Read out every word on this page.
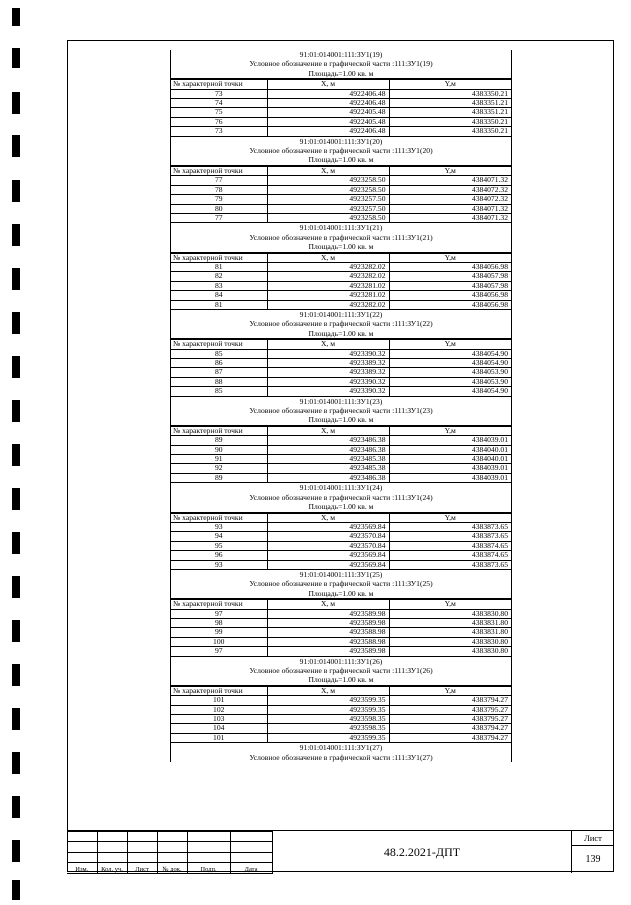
91:01:014001:111:ЗУ1(19)
Условное обозначение в графической части :111:ЗУ1(19)
Площадь=1.00 кв. м
№ характерной точки	X, м	Y,м
73	4922406.48	4383350.21
74	4922406.48	4383351.21
75	4922405.48	4383351.21
76	4922405.48	4383350.21
73	4922406.48	4383350.21
91:01:014001:111:ЗУ1(20)
Условное обозначение в графической части :111:ЗУ1(20)
Площадь=1.00 кв. м
№ характерной точки	X, м	Y,м
77	4923258.50	4384071.32
78	4923258.50	4384072.32
79	4923257.50	4384072.32
80	4923257.50	4384071.32
77	4923258.50	4384071.32
91:01:014001:111:ЗУ1(21)
Условное обозначение в графической части :111:ЗУ1(21)
Площадь=1.00 кв. м
№ характерной точки	X, м	Y,м
81	4923282.02	4384056.98
82	4923282.02	4384057.98
83	4923281.02	4384057.98
84	4923281.02	4384056.98
81	4923282.02	4384056.98
91:01:014001:111:ЗУ1(22)
Условное обозначение в графической части :111:ЗУ1(22)
Площадь=1.00 кв. м
№ характерной точки	X, м	Y,м
85	4923390.32	4384054.90
86	4923389.32	4384054.90
87	4923389.32	4384053.90
88	4923390.32	4384053.90
85	4923390.32	4384054.90
91:01:014001:111:ЗУ1(23)
Условное обозначение в графической части :111:ЗУ1(23)
Площадь=1.00 кв. м
№ характерной точки	X, м	Y,м
89	4923486.38	4384039.01
90	4923486.38	4384040.01
91	4923485.38	4384040.01
92	4923485.38	4384039.01
89	4923486.38	4384039.01
91:01:014001:111:ЗУ1(24)
Условное обозначение в графической части :111:ЗУ1(24)
Площадь=1.00 кв. м
№ характерной точки	X, м	Y,м
93	4923569.84	4383873.65
94	4923570.84	4383873.65
95	4923570.84	4383874.65
96	4923569.84	4383874.65
93	4923569.84	4383873.65
91:01:014001:111:ЗУ1(25)
Условное обозначение в графической части :111:ЗУ1(25)
Площадь=1.00 кв. м
№ характерной точки	X, м	Y,м
97	4923589.98	4383830.80
98	4923589.98	4383831.80
99	4923588.98	4383831.80
100	4923588.98	4383830.80
97	4923589.98	4383830.80
91:01:014001:111:ЗУ1(26)
Условное обозначение в графической части :111:ЗУ1(26)
Площадь=1.00 кв. м
№ характерной точки	X, м	Y,м
101	4923599.35	4383794.27
102	4923599.35	4383795.27
103	4923598.35	4383795.27
104	4923598.35	4383794.27
101	4923599.35	4383794.27
91:01:014001:111:ЗУ1(27)
Условное обозначение в графической части :111:ЗУ1(27)

Изм.	Кол. уч.	Лист	№ док.	Подп.	Дата
48.2.2021-ДПТ
Лист
139
